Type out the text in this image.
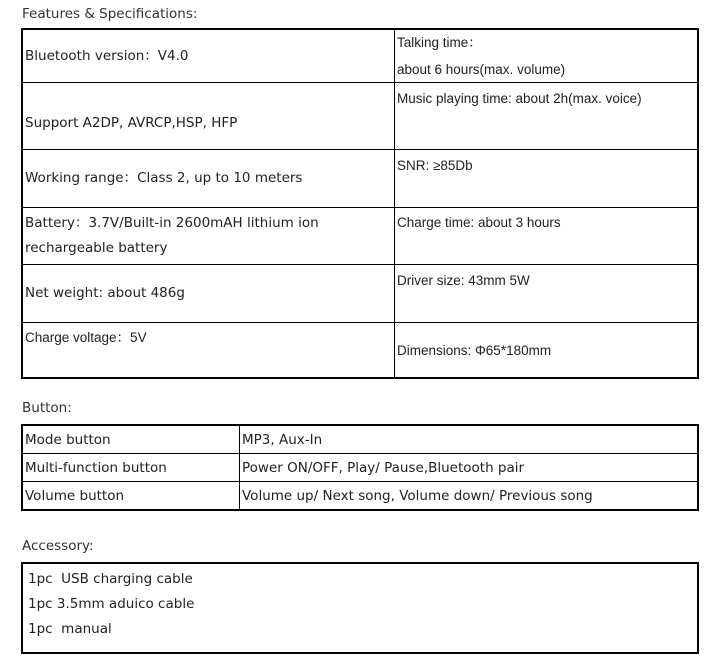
Features & Specifications:
Bluetooth version：V4.0	Talking time：
about 6 hours(max. volume)

Support A2DP, AVRCP,HSP, HFP	Music playing time: about 2h(max. voice)
Working range：Class 2, up to 10 meters	SNR: ≥85Db

Battery：3.7V/Built-in 2600mAH lithium ion
rechargeable battery	Charge time: about 3 hours
Net weight: about 486g	Driver size: 43mm 5W
Charge voltage：5V	Dimensions: Φ65*180mm
Button:
Mode button	MP3, Aux-In
Multi-function button	Power ON/OFF, Play/ Pause,Bluetooth pair
Volume button	Volume up/ Next song, Volume down/ Previous song
Accessory:
1pc  USB charging cable
1pc 3.5mm aduico cable
1pc  manual
